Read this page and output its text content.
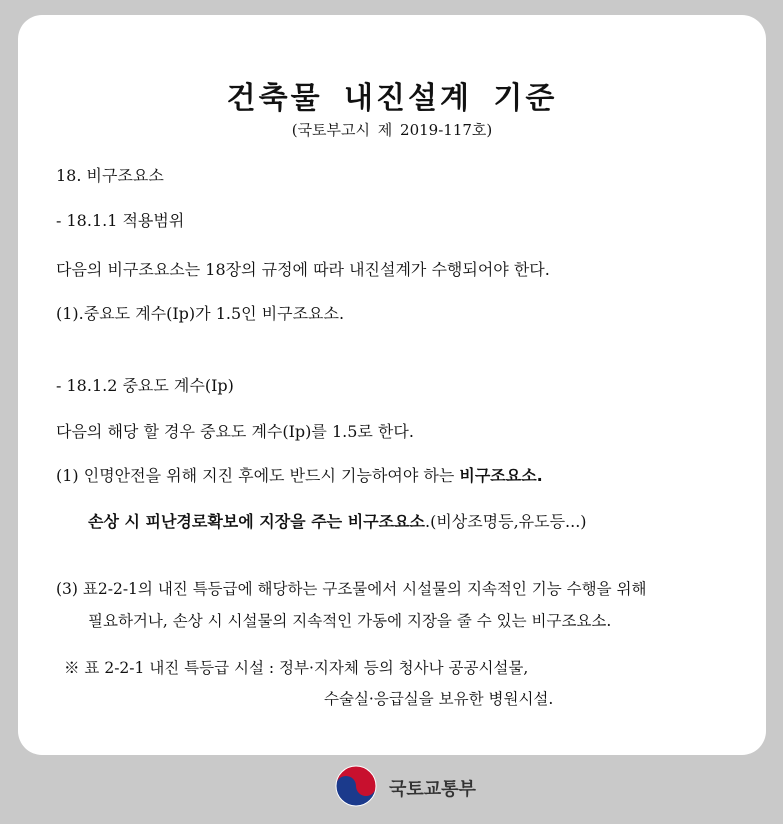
건축물 내진설계 기준
(국토부고시 제 2019-117호)
18. 비구조요소
- 18.1.1 적용범위
다음의 비구조요소는 18장의 규정에 따라 내진설계가 수행되어야 한다.
(1).중요도 계수(Ip)가 1.5인 비구조요소.
- 18.1.2 중요도 계수(Ip)
다음의 해당 할 경우 중요도 계수(Ip)를 1.5로 한다.
(1) 인명안전을 위해 지진 후에도 반드시 기능하여야 하는 비구조요소.
손상 시 피난경로확보에 지장을 주는 비구조요소.(비상조명등,유도등...)
(3) 표2-2-1의 내진 특등급에 해당하는 구조물에서 시설물의 지속적인 기능 수행을 위해
필요하거나, 손상 시 시설물의 지속적인 가동에 지장을 줄 수 있는 비구조요소.
※ 표 2-2-1 내진 특등급 시설 : 정부·지자체 등의 청사나 공공시설물,
수술실·응급실을 보유한 병원시설.
국토교통부
